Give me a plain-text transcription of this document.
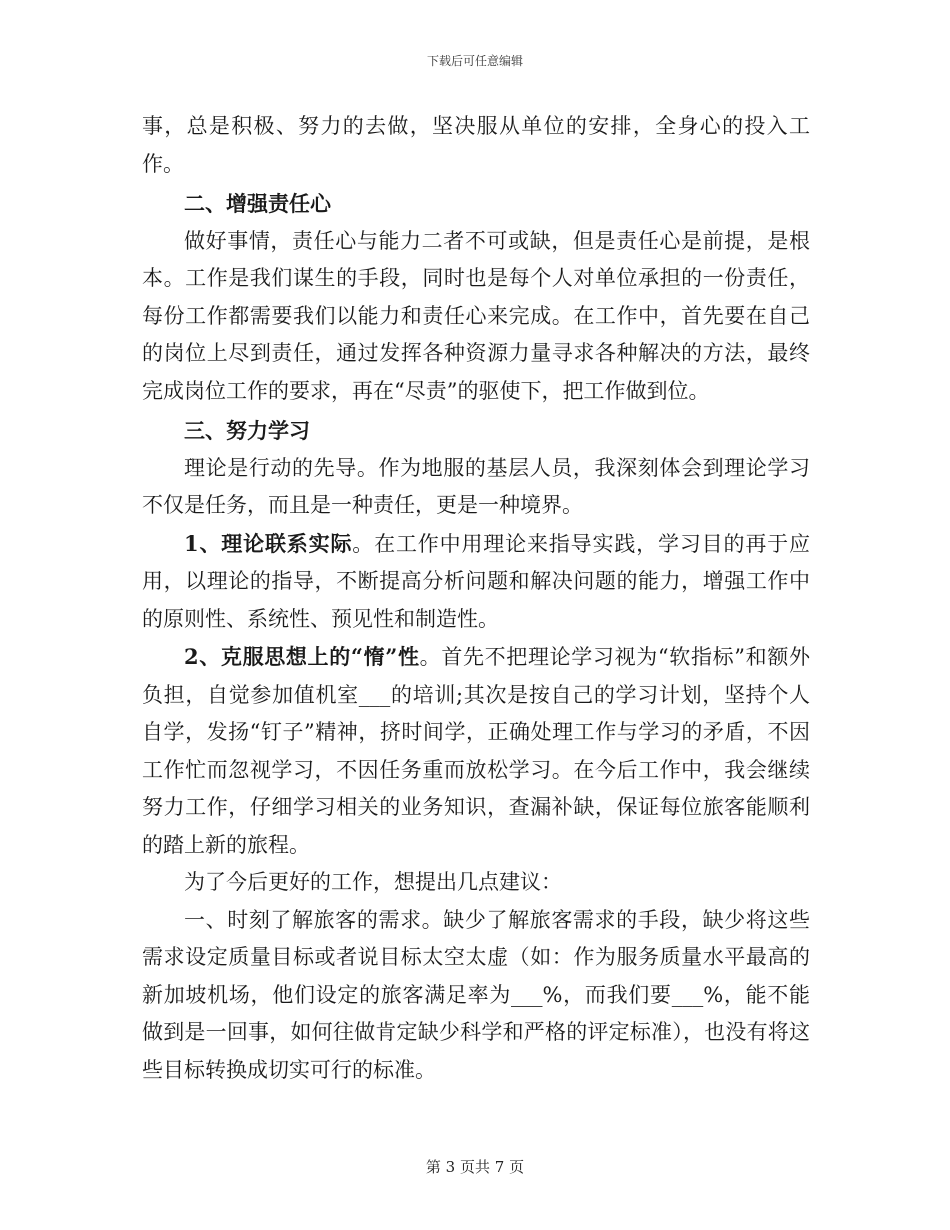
下载后可任意编辑

事，总是积极、努力的去做，坚决服从单位的安排，全身心的投入工作。

二、增强责任心

做好事情，责任心与能力二者不可或缺，但是责任心是前提，是根本。工作是我们谋生的手段，同时也是每个人对单位承担的一份责任，每份工作都需要我们以能力和责任心来完成。在工作中，首先要在自己的岗位上尽到责任，通过发挥各种资源力量寻求各种解决的方法，最终完成岗位工作的要求，再在“尽责”的驱使下，把工作做到位。

三、努力学习

理论是行动的先导。作为地服的基层人员，我深刻体会到理论学习不仅是任务，而且是一种责任，更是一种境界。

1、理论联系实际。在工作中用理论来指导实践，学习目的再于应用，以理论的指导，不断提高分析问题和解决问题的能力，增强工作中的原则性、系统性、预见性和制造性。

2、克服思想上的“惰”性。首先不把理论学习视为“软指标”和额外负担，自觉参加值机室___的培训;其次是按自己的学习计划，坚持个人自学，发扬“钉子”精神，挤时间学，正确处理工作与学习的矛盾，不因工作忙而忽视学习，不因任务重而放松学习。在今后工作中，我会继续努力工作，仔细学习相关的业务知识，查漏补缺，保证每位旅客能顺利的踏上新的旅程。

为了今后更好的工作，想提出几点建议：

一、时刻了解旅客的需求。缺少了解旅客需求的手段，缺少将这些需求设定质量目标或者说目标太空太虚（如：作为服务质量水平最高的新加坡机场，他们设定的旅客满足率为___%，而我们要___%，能不能做到是一回事，如何往做肯定缺少科学和严格的评定标准），也没有将这些目标转换成切实可行的标准。

第 3 页共 7 页
